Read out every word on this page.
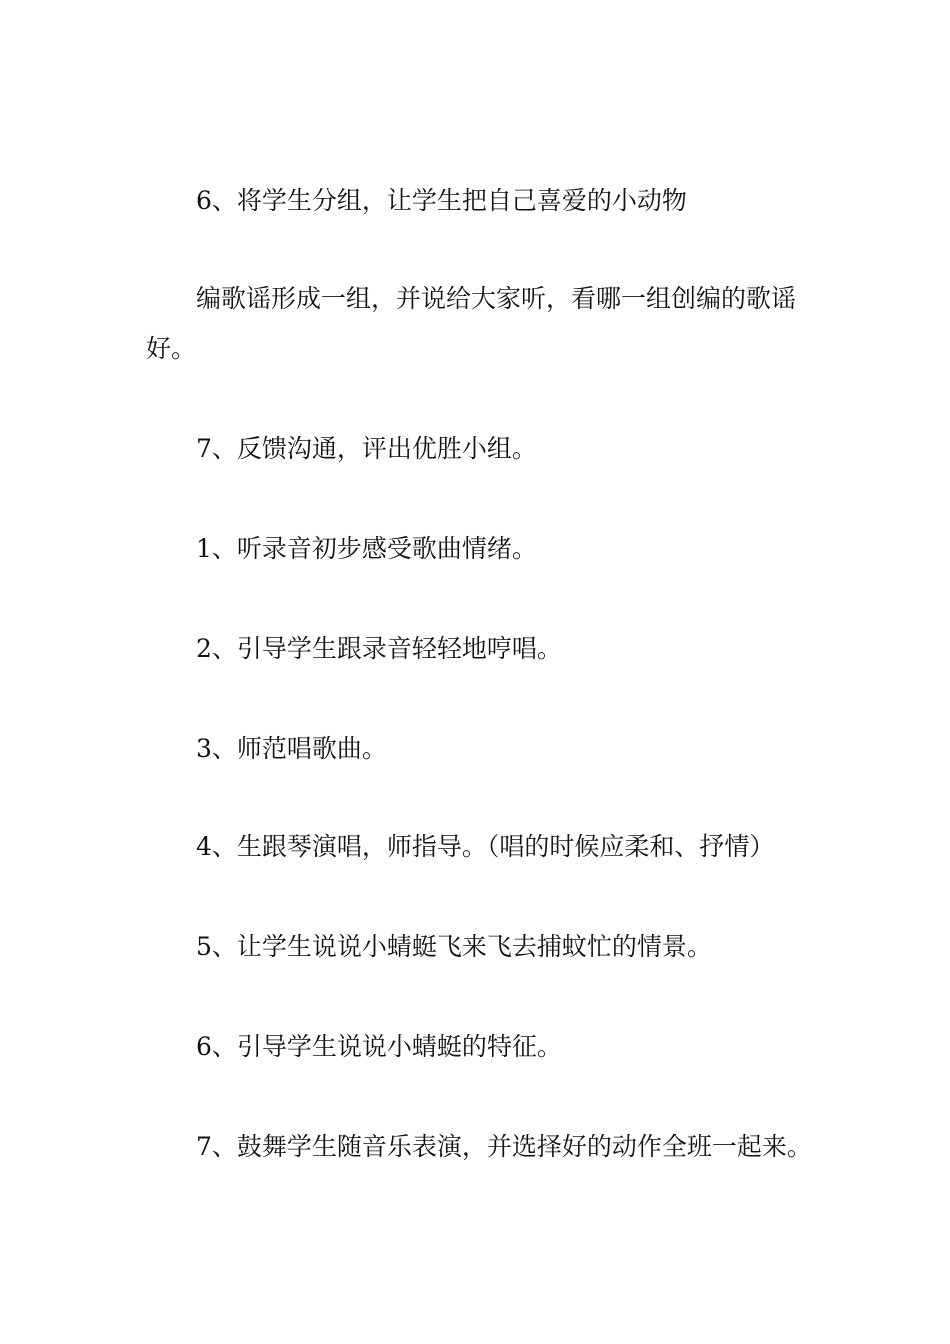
6、将学生分组，让学生把自己喜爱的小动物

编歌谣形成一组，并说给大家听，看哪一组创编的歌谣好。

7、反馈沟通，评出优胜小组。

1、听录音初步感受歌曲情绪。

2、引导学生跟录音轻轻地哼唱。

3、师范唱歌曲。

4、生跟琴演唱，师指导。（唱的时候应柔和、抒情）

5、让学生说说小蜻蜓飞来飞去捕蚊忙的情景。

6、引导学生说说小蜻蜓的特征。

7、鼓舞学生随音乐表演，并选择好的动作全班一起来。
